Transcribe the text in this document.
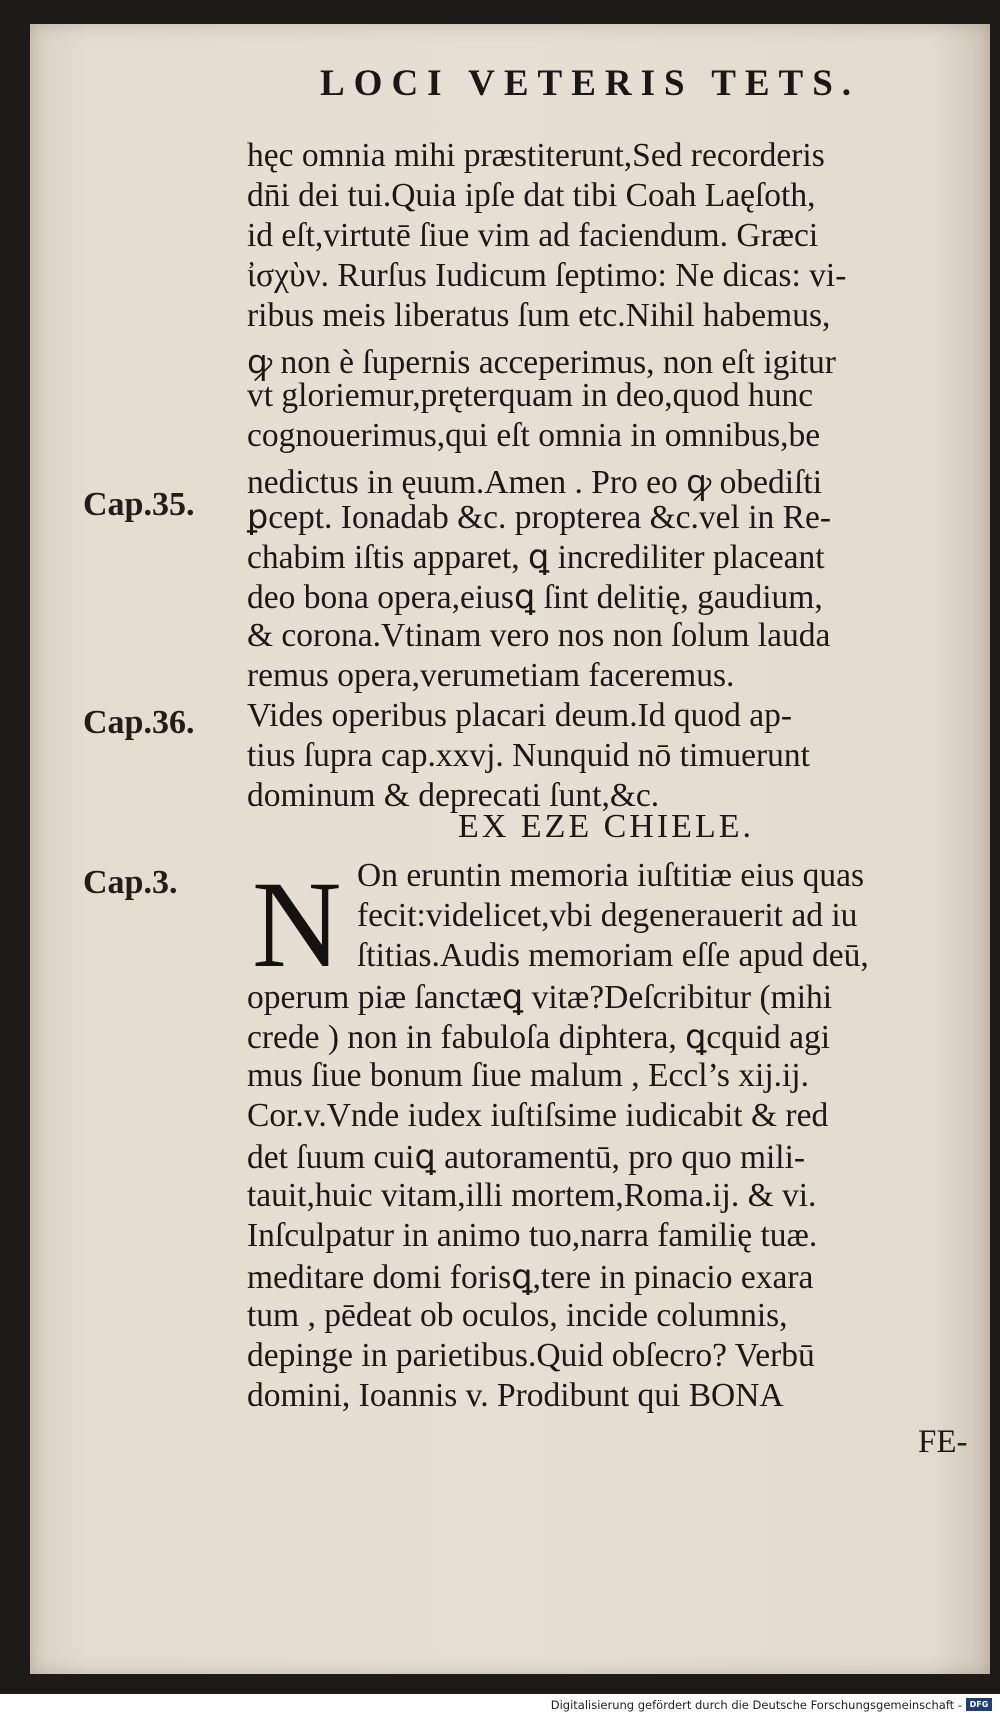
LOCI VETERIS TETS.
Cap.35.
Cap.36.
Cap.3.
hęc omnia mihi præstiterunt,Sed recorderis
dn̄i dei tui.Quia ipſe dat tibi Coah Laęſoth,
id eſt,virtutē ſiue vim ad faciendum. Græci
ἰσχὺν. Rurſus Iudicum ſeptimo: Ne dicas: vi-
ribus meis liberatus ſum etc.Nihil habemus,
ꝙ non è ſupernis acceperimus, non eſt igitur
vt gloriemur,pręterquam in deo,quod hunc
cognouerimus,qui eſt omnia in omnibus,be
nedictus in ęuum.Amen . Pro eo ꝙ obediſti
ꝑcept. Ionadab &c. propterea &c.vel in Re-
chabim iſtis apparet, ꝗ incrediliter placeant
deo bona opera,eiusꝗ ſint delitię, gaudium,
& corona.Vtinam vero nos non ſolum lauda
remus opera,verumetiam faceremus.
Vides operibus placari deum.Id quod ap-
tius ſupra cap.xxvj. Nunquid nō timuerunt
dominum & deprecati ſunt,&c.
EX EZE CHIELE.
N On eruntin memoria iuſtitiæ eius quas
fecit:videlicet,vbi degenerauerit ad iu
ſtitias.Audis memoriam eſſe apud deū,
operum piæ ſanctæꝗ vitæ?Deſcribitur (mihi
crede ) non in fabuloſa diphtera, ꝗcquid agi
mus ſiue bonum ſiue malum , Eccl’s xij.ij.
Cor.v.Vnde iudex iuſtiſsime iudicabit & red
det ſuum cuiꝗ autoramentū, pro quo mili-
tauit,huic vitam,illi mortem,Roma.ij. & vi.
Inſculpatur in animo tuo,narra familię tuæ.
meditare domi forisꝗ,tere in pinacio exara
tum , pēdeat ob oculos, incide columnis,
depinge in parietibus.Quid obſecro? Verbū
domini, Ioannis v. Prodibunt qui BONA
FE-
Digitalisierung gefördert durch die Deutsche Forschungsgemeinschaft - DFG
